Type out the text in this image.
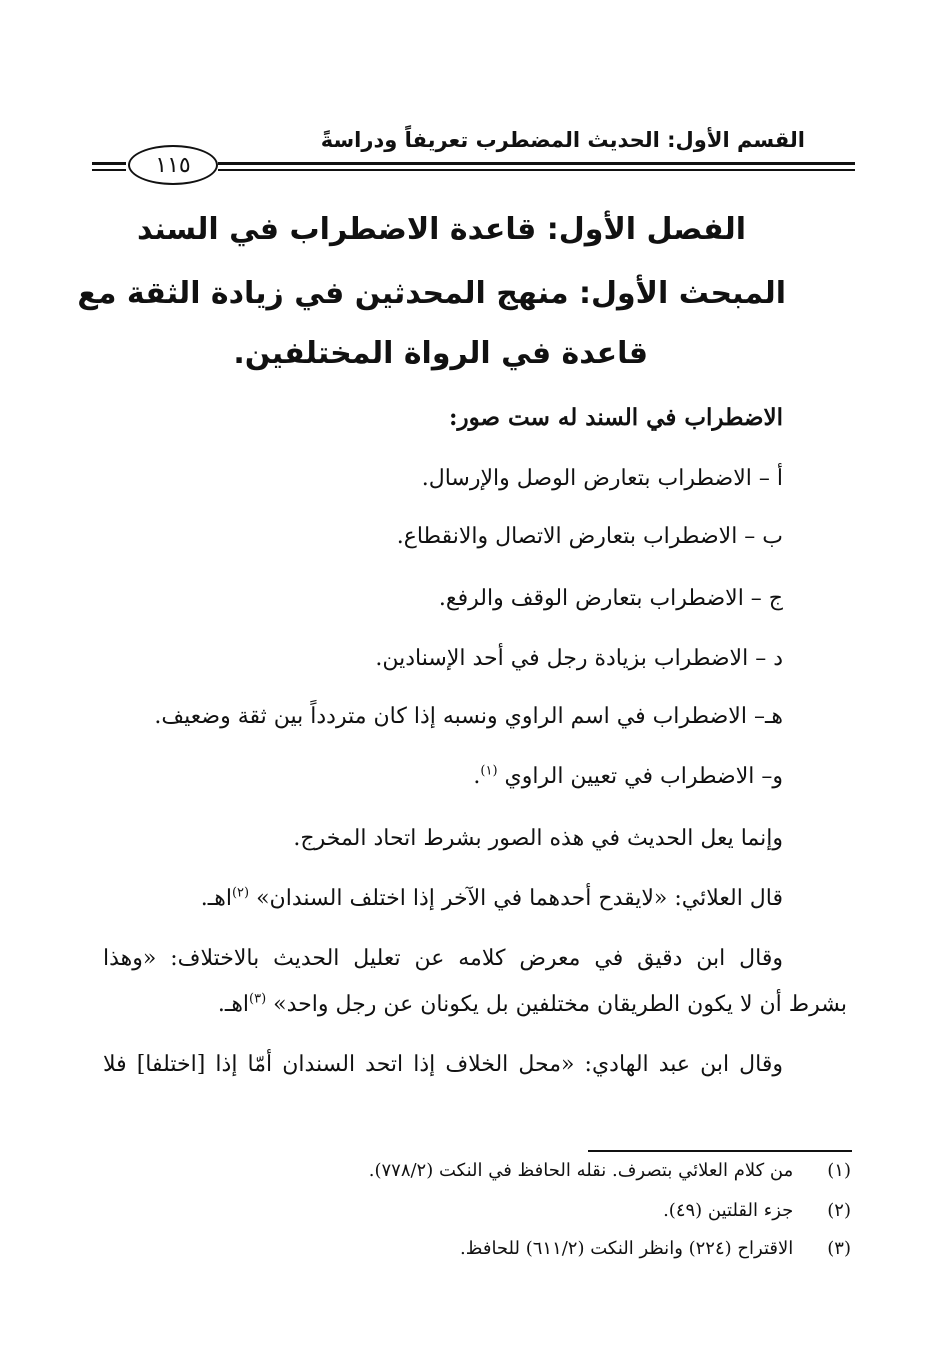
القسم الأول: الحديث المضطرب تعريفاً ودراسةً
١١٥
الفصل الأول: قاعدة الاضطراب في السند
المبحث الأول: منهج المحدثين في زيادة الثقة مع
قاعدة في الرواة المختلفين.
الاضطراب في السند له ست صور:
أ – الاضطراب بتعارض الوصل والإرسال.
ب – الاضطراب بتعارض الاتصال والانقطاع.
ج – الاضطراب بتعارض الوقف والرفع.
د – الاضطراب بزيادة رجل في أحد الإسنادين.
هـ– الاضطراب في اسم الراوي ونسبه إذا كان متردداً بين ثقة وضعيف.
و– الاضطراب في تعيين الراوي $^{(١)}$.
وإنما يعل الحديث في هذه الصور بشرط اتحاد المخرج.
قال العلائي: «لايقدح أحدهما في الآخر إذا اختلف السندان» $^{(٢)}$اهـ.
وقال ابن دقيق في معرض كلامه عن تعليل الحديث بالاختلاف: «وهذا
بشرط أن لا يكون الطريقان مختلفين بل يكونان عن رجل واحد» $^{(٣)}$اهـ.
وقال ابن عبد الهادي: «محل الخلاف إذا اتحد السندان أمّا إذا [اختلفا] فلا
(١) من كلام العلائي بتصرف. نقله الحافظ في النكت (٧٧٨/٢).
(٢) جزء القلتين (٤٩).
(٣) الاقتراح (٢٢٤) وانظر النكت (٦١١/٢) للحافظ.
